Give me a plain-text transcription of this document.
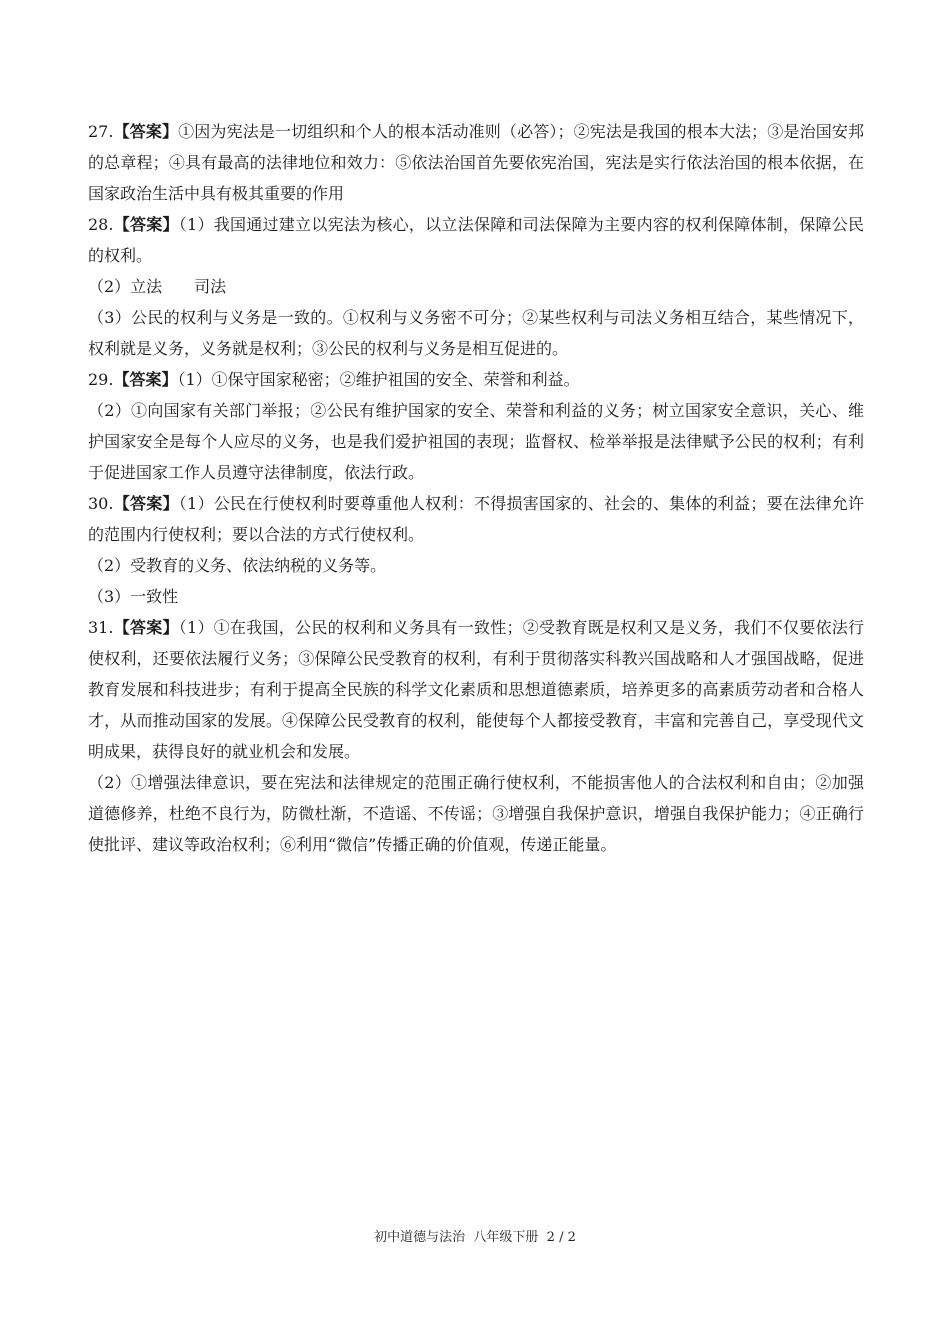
27.【答案】①因为宪法是一切组织和个人的根本活动准则（必答）；②宪法是我国的根本大法；③是治国安邦的总章程；④具有最高的法律地位和效力：⑤依法治国首先要依宪治国，宪法是实行依法治国的根本依据，在国家政治生活中具有极其重要的作用

28.【答案】（1）我国通过建立以宪法为核心，以立法保障和司法保障为主要内容的权利保障体制，保障公民的权利。

（2）立法　　司法

（3）公民的权利与义务是一致的。①权利与义务密不可分；②某些权利与司法义务相互结合，某些情况下，权利就是义务，义务就是权利；③公民的权利与义务是相互促进的。

29.【答案】（1）①保守国家秘密；②维护祖国的安全、荣誉和利益。

（2）①向国家有关部门举报；②公民有维护国家的安全、荣誉和利益的义务；树立国家安全意识，关心、维护国家安全是每个人应尽的义务，也是我们爱护祖国的表现；监督权、检举举报是法律赋予公民的权利；有利于促进国家工作人员遵守法律制度，依法行政。

30.【答案】（1）公民在行使权利时要尊重他人权利：不得损害国家的、社会的、集体的利益；要在法律允许的范围内行使权利；要以合法的方式行使权利。

（2）受教育的义务、依法纳税的义务等。

（3）一致性

31.【答案】（1）①在我国，公民的权利和义务具有一致性；②受教育既是权利又是义务，我们不仅要依法行使权利，还要依法履行义务；③保障公民受教育的权利，有利于贯彻落实科教兴国战略和人才强国战略，促进教育发展和科技进步；有利于提高全民族的科学文化素质和思想道德素质，培养更多的高素质劳动者和合格人才，从而推动国家的发展。④保障公民受教育的权利，能使每个人都接受教育，丰富和完善自己，享受现代文明成果，获得良好的就业机会和发展。

（2）①增强法律意识，要在宪法和法律规定的范围正确行使权利，不能损害他人的合法权利和自由；②加强道德修养，杜绝不良行为，防微杜渐，不造谣、不传谣；③增强自我保护意识，增强自我保护能力；④正确行使批评、建议等政治权利；⑥利用“微信”传播正确的价值观，传递正能量。

初中道德与法治  八年级下册  2 / 2
